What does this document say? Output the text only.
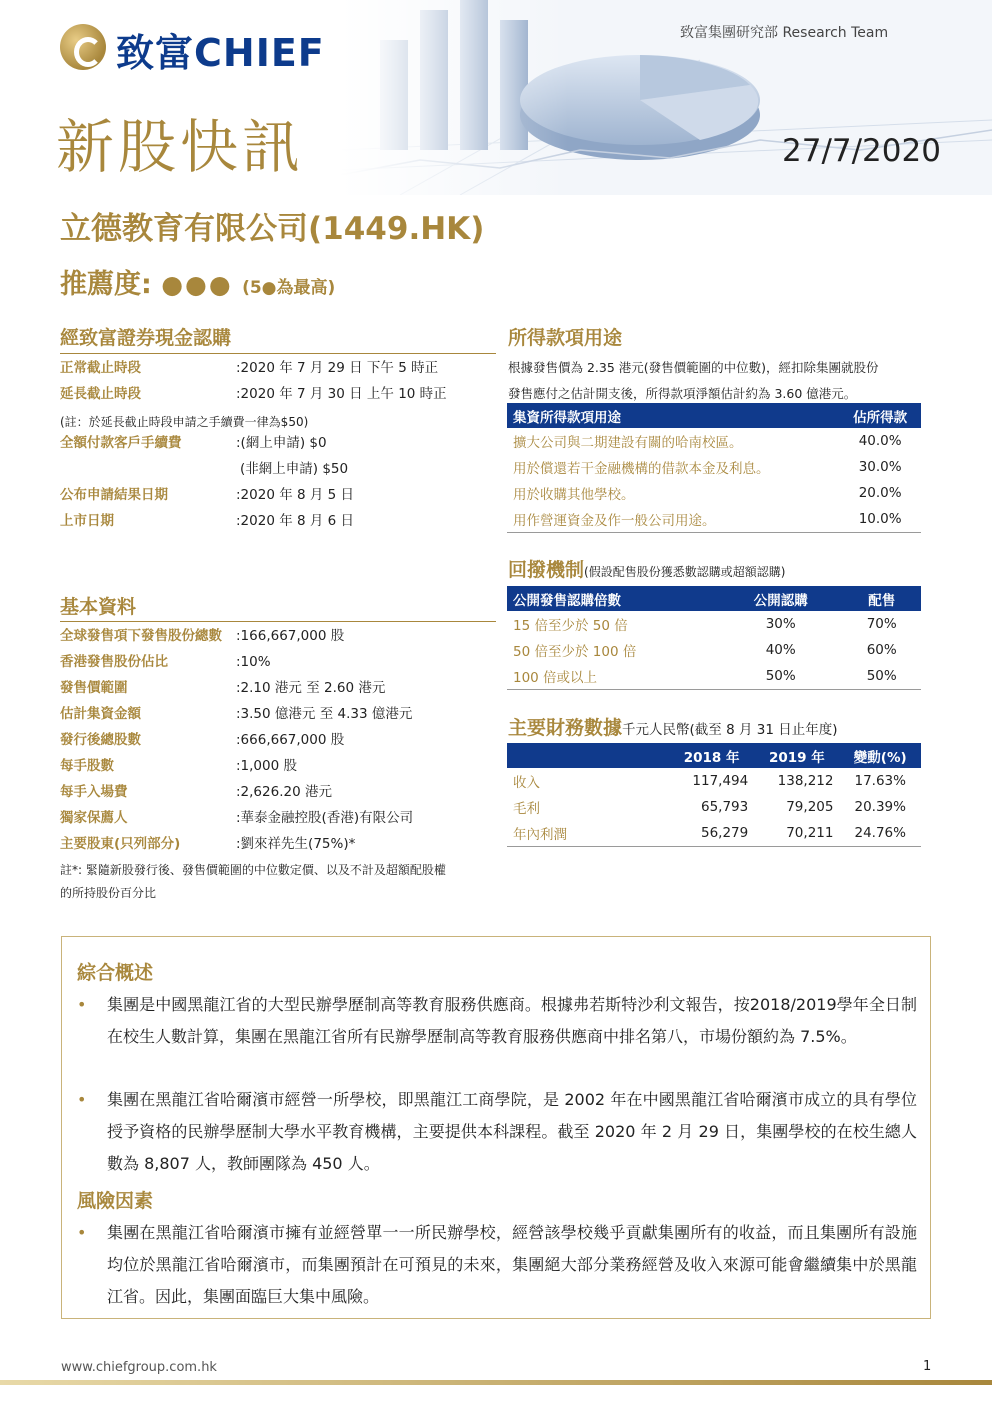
致富CHIEF	致富集團研究部 Research Team
新股快訊	27/7/2020
立德教育有限公司(1449.HK)
推薦度: ●●● (5●為最高)
經致富證券現金認購
正常截止時段	:2020 年 7 月 29 日 下午 5 時正
延長截止時段	:2020 年 7 月 30 日 上午 10 時正
(註：於延長截止時段申請之手續費一律為$50)
全額付款客戶手續費	:(網上申請) $0
(非網上申請) $50
公布申請結果日期	:2020 年 8 月 5 日
上市日期	:2020 年 8 月 6 日
基本資料
全球發售項下發售股份總數 :166,667,000 股
香港發售股份佔比	:10%
發售價範圍	:2.10 港元 至 2.60 港元
估計集資金額	:3.50 億港元 至 4.33 億港元
發行後總股數	:666,667,000 股
每手股數	:1,000 股
每手入場費	:2,626.20 港元
獨家保薦人	:華泰金融控股(香港)有限公司
主要股東(只列部分)	:劉來祥先生(75%)*
註*: 緊隨新股發行後、發售價範圍的中位數定價、以及不計及超額配股權
的所持股份百分比
所得款項用途
根據發售價為 2.35 港元(發售價範圍的中位數)，經扣除集團就股份
發售應付之估計開支後，所得款項淨額估計約為 3.60 億港元。
集資所得款項用途	佔所得款
擴大公司與二期建設有關的哈南校區。	40.0%
用於償還若干金融機構的借款本金及利息。	30.0%
用於收購其他學校。	20.0%
用作營運資金及作一般公司用途。	10.0%
回撥機制(假設配售股份獲悉數認購或超額認購)
公開發售認購倍數	公開認購	配售
15 倍至少於 50 倍	30%	70%
50 倍至少於 100 倍	40%	60%
100 倍或以上	50%	50%
主要財務數據千元人民幣(截至 8 月 31 日止年度)
	2018 年	2019 年	變動(%)
收入	117,494	138,212	17.63%
毛利	65,793	79,205	20.39%
年內利潤	56,279	70,211	24.76%
綜合概述
• 集團是中國黑龍江省的大型民辦學歷制高等教育服務供應商。根據弗若斯特沙利文報告，按2018/2019學年全日制在校生人數計算，集團在黑龍江省所有民辦學歷制高等教育服務供應商中排名第八，市場份額約為 7.5%。
• 集團在黑龍江省哈爾濱市經營一所學校，即黑龍江工商學院，是 2002 年在中國黑龍江省哈爾濱市成立的具有學位授予資格的民辦學歷制大學水平教育機構，主要提供本科課程。截至 2020 年 2 月 29 日，集團學校的在校生總人數為 8,807 人，教師團隊為 450 人。
風險因素
• 集團在黑龍江省哈爾濱市擁有並經營單一一所民辦學校，經營該學校幾乎貢獻集團所有的收益，而且集團所有設施均位於黑龍江省哈爾濱市，而集團預計在可預見的未來，集團絕大部分業務經營及收入來源可能會繼續集中於黑龍江省。因此，集團面臨巨大集中風險。
www.chiefgroup.com.hk	1
